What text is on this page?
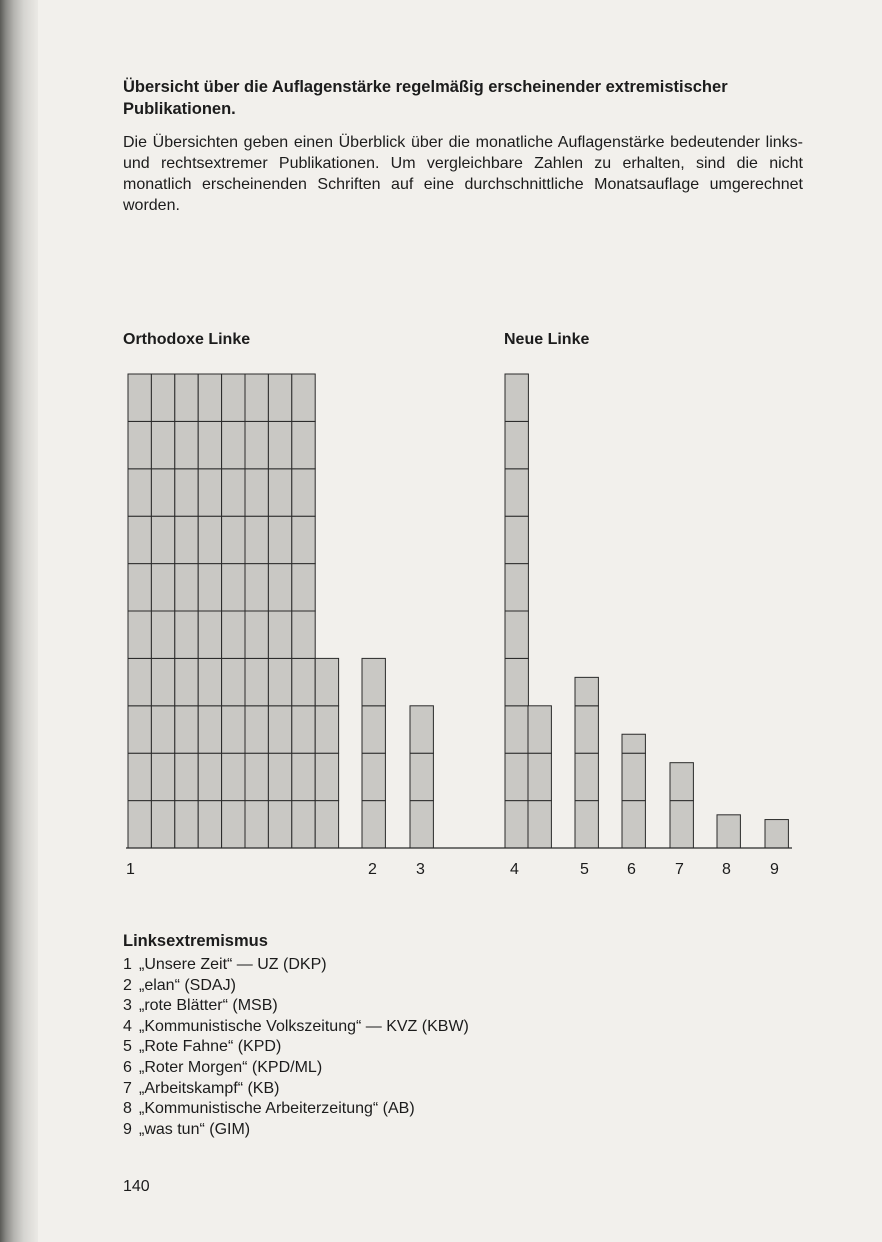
Übersicht über die Auflagenstärke regelmäßig erscheinender extremistischer Publikationen.
Die Übersichten geben einen Überblick über die monatliche Auflagenstärke bedeutender links- und rechtsextremer Publikationen. Um vergleichbare Zahlen zu erhalten, sind die nicht monatlich erscheinenden Schriften auf eine durchschnittliche Monatsauflage umgerechnet worden.
Orthodoxe Linke	Neue Linke
1	2 3	4	5 6 7 8 9
Linksextremismus
1 „Unsere Zeit“ — UZ (DKP)
2 „elan“ (SDAJ)
3 „rote Blätter“ (MSB)
4 „Kommunistische Volkszeitung“ — KVZ (KBW)
5 „Rote Fahne“ (KPD)
6 „Roter Morgen“ (KPD/ML)
7 „Arbeitskampf“ (KB)
8 „Kommunistische Arbeiterzeitung“ (AB)
9 „was tun“ (GIM)
140
